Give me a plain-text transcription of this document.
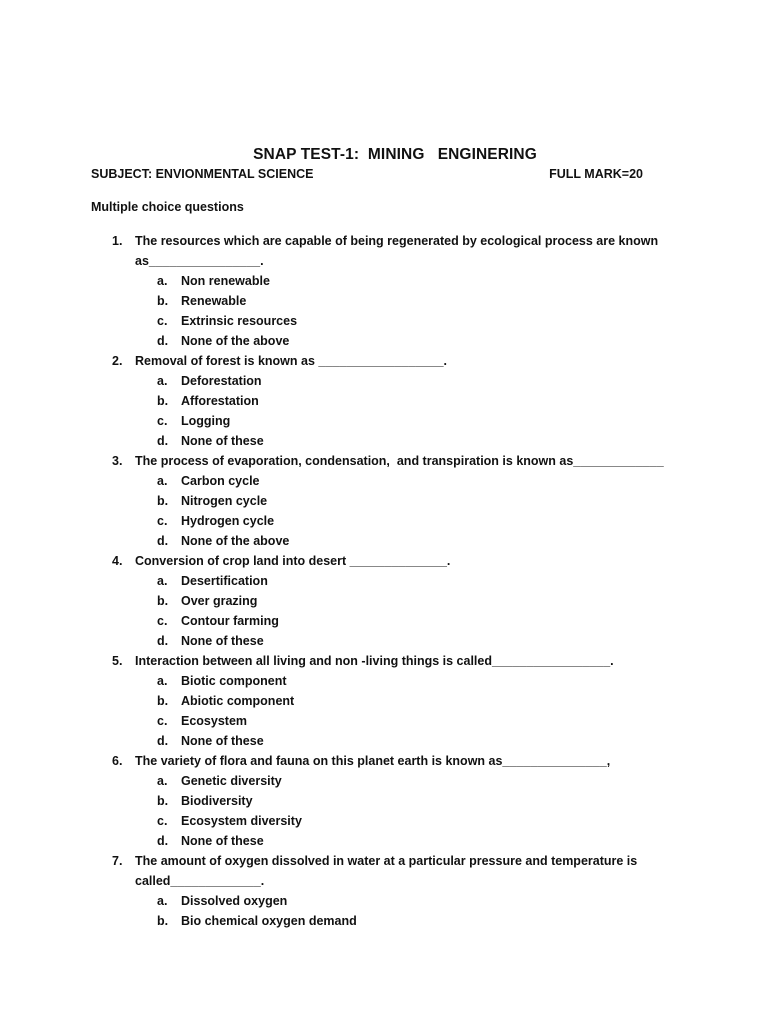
SNAP TEST-1:  MINING   ENGINERING
SUBJECT: ENVIONMENTAL SCIENCE	FULL MARK=20
Multiple choice questions
1. The resources which are capable of being regenerated by ecological process are known
as________________.
a. Non renewable
b. Renewable
c. Extrinsic resources
d. None of the above
2. Removal of forest is known as __________________.
a. Deforestation
b. Afforestation
c. Logging
d. None of these
3. The process of evaporation, condensation,  and transpiration is known as_____________
a. Carbon cycle
b. Nitrogen cycle
c. Hydrogen cycle
d. None of the above
4. Conversion of crop land into desert ______________.
a. Desertification
b. Over grazing
c. Contour farming
d. None of these
5. Interaction between all living and non -living things is called_________________.
a. Biotic component
b. Abiotic component
c. Ecosystem
d. None of these
6. The variety of flora and fauna on this planet earth is known as_______________,
a. Genetic diversity
b. Biodiversity
c. Ecosystem diversity
d. None of these
7. The amount of oxygen dissolved in water at a particular pressure and temperature is
called_____________.
a. Dissolved oxygen
b. Bio chemical oxygen demand
